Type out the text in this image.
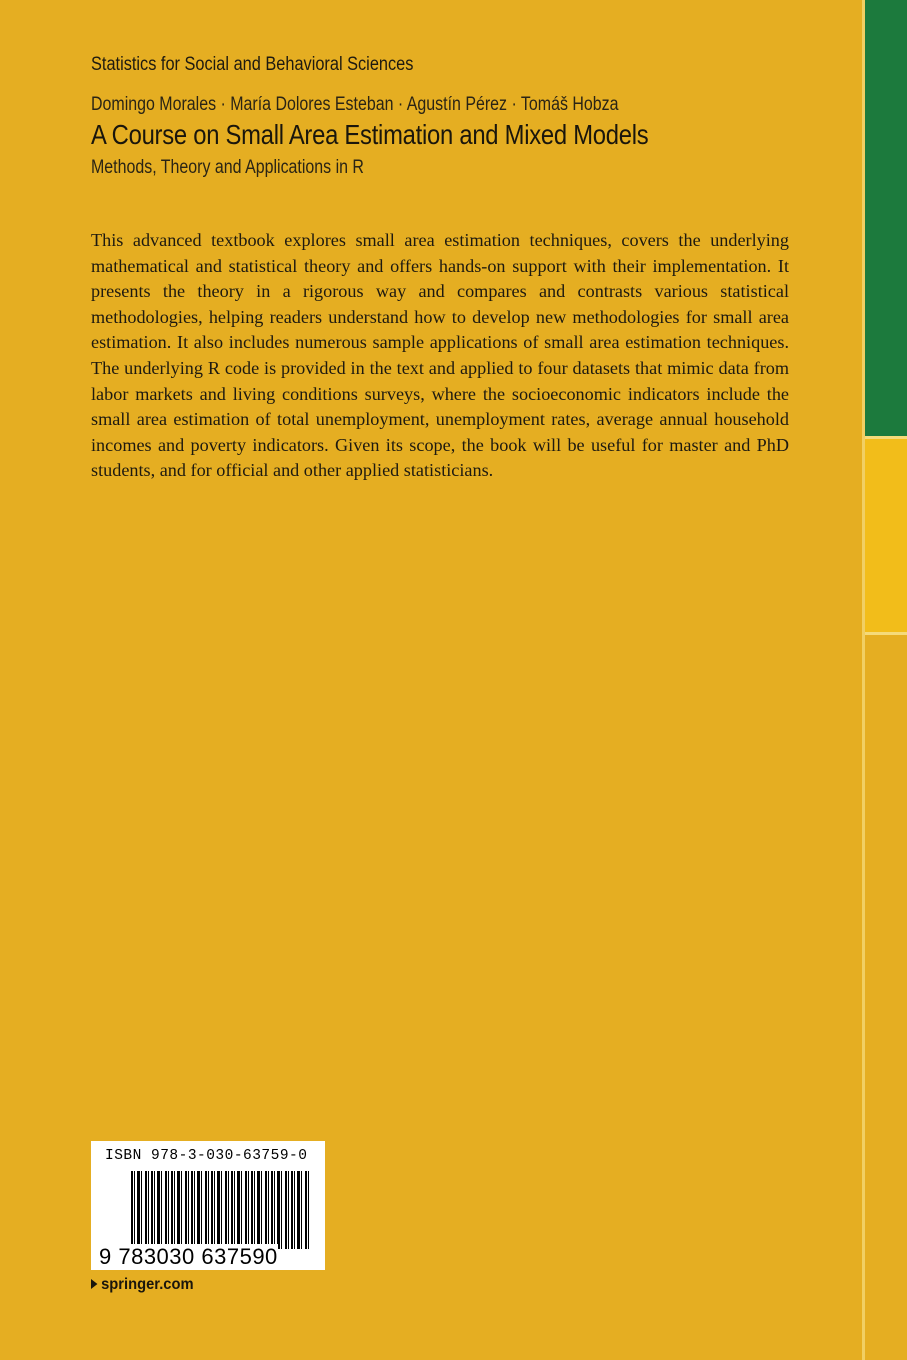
Statistics for Social and Behavioral Sciences
Domingo Morales · María Dolores Esteban · Agustín Pérez · Tomáš Hobza
A Course on Small Area Estimation and Mixed Models
Methods, Theory and Applications in R

This advanced textbook explores small area estimation techniques, covers the underlying mathematical and statistical theory and offers hands-on support with their implementation. It presents the theory in a rigorous way and compares and contrasts various statistical methodologies, helping readers understand how to develop new methodologies for small area estimation. It also includes numerous sample applications of small area estimation techniques. The underlying R code is provided in the text and applied to four datasets that mimic data from labor markets and living conditions surveys, where the socioeconomic indicators include the small area estimation of total unemployment, unemployment rates, average annual household incomes and poverty indicators. Given its scope, the book will be useful for master and PhD students, and for official and other applied statisticians.

ISBN 978-3-030-63759-0
9 783030 637590
springer.com
